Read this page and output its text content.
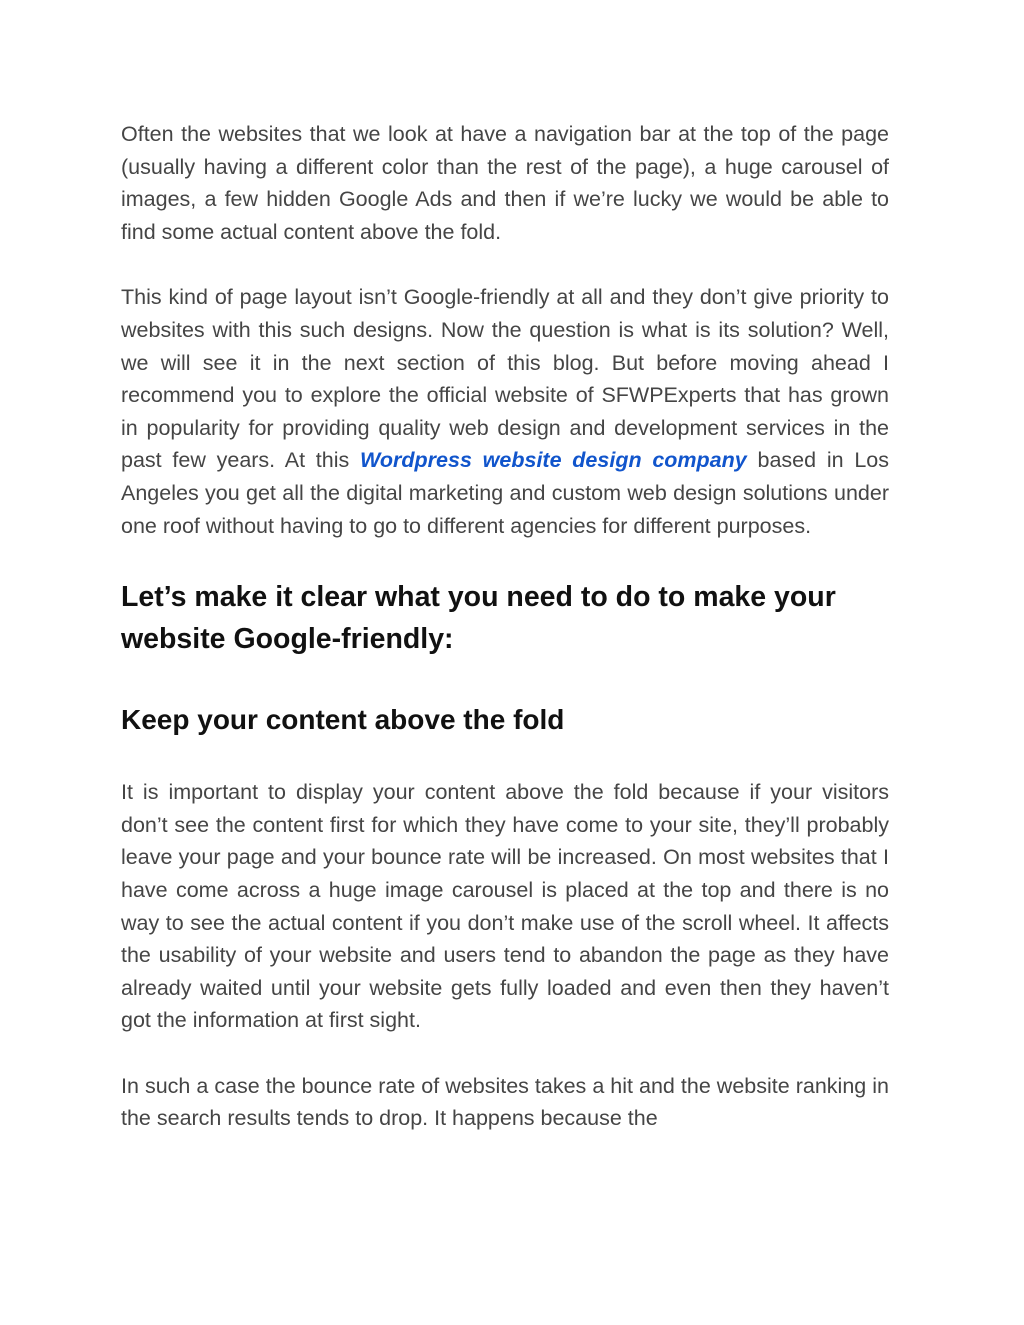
Often the websites that we look at have a navigation bar at the top of the page (usually having a different color than the rest of the page), a huge carousel of images, a few hidden Google Ads and then if we’re lucky we would be able to find some actual content above the fold.

This kind of page layout isn’t Google-friendly at all and they don’t give priority to websites with this such designs. Now the question is what is its solution? Well, we will see it in the next section of this blog. But before moving ahead I recommend you to explore the official website of SFWPExperts that has grown in popularity for providing quality web design and development services in the past few years. At this Wordpress website design company based in Los Angeles you get all the digital marketing and custom web design solutions under one roof without having to go to different agencies for different purposes.

Let’s make it clear what you need to do to make your website Google-friendly:
Keep your content above the fold

It is important to display your content above the fold because if your visitors don’t see the content first for which they have come to your site, they’ll probably leave your page and your bounce rate will be increased. On most websites that I have come across a huge image carousel is placed at the top and there is no way to see the actual content if you don’t make use of the scroll wheel. It affects the usability of your website and users tend to abandon the page as they have already waited until your website gets fully loaded and even then they haven’t got the information at first sight.

In such a case the bounce rate of websites takes a hit and the website ranking in the search results tends to drop. It happens because the
